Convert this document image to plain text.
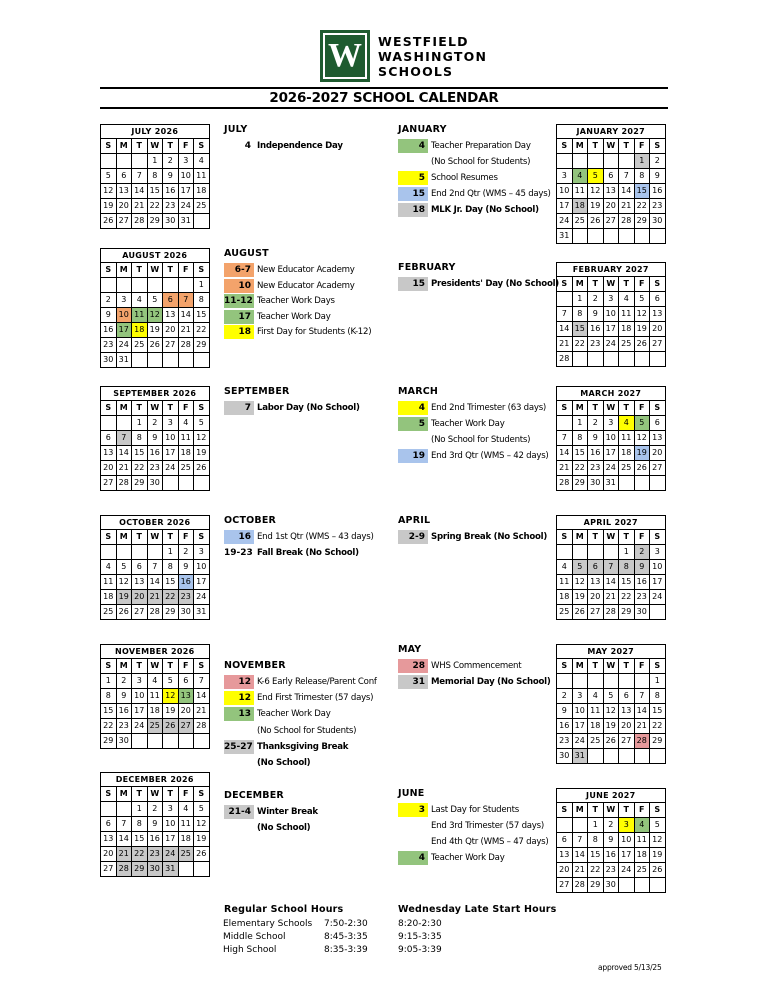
W	WESTFIELD
WASHINGTON
SCHOOLS
2026-2027 SCHOOL CALENDAR
JULY 2026						
S	M	T	W	T	F	S
			1	2	3	4
5	6	7	8	9	10	11
12	13	14	15	16	17	18
19	20	21	22	23	24	25
26	27	28	29	30	31	
AUGUST 2026						
S	M	T	W	T	F	S
						1
2	3	4	5	6	7	8
9	10	11	12	13	14	15
16	17	18	19	20	21	22
23	24	25	26	27	28	29
30	31					
SEPTEMBER 2026						
S	M	T	W	T	F	S
		1	2	3	4	5
6	7	8	9	10	11	12
13	14	15	16	17	18	19
20	21	22	23	24	25	26
27	28	29	30			
OCTOBER 2026						
S	M	T	W	T	F	S
				1	2	3
4	5	6	7	8	9	10
11	12	13	14	15	16	17
18	19	20	21	22	23	24
25	26	27	28	29	30	31
NOVEMBER 2026						
S	M	T	W	T	F	S
1	2	3	4	5	6	7
8	9	10	11	12	13	14
15	16	17	18	19	20	21
22	23	24	25	26	27	28
29	30					
DECEMBER 2026						
S	M	T	W	T	F	S
		1	2	3	4	5
6	7	8	9	10	11	12
13	14	15	16	17	18	19
20	21	22	23	24	25	26
27	28	29	30	31		
JANUARY 2027						
S	M	T	W	T	F	S
					1	2
3	4	5	6	7	8	9
10	11	12	13	14	15	16
17	18	19	20	21	22	23
24	25	26	27	28	29	30
31						
FEBRUARY 2027						
S	M	T	W	T	F	S
	1	2	3	4	5	6
7	8	9	10	11	12	13
14	15	16	17	18	19	20
21	22	23	24	25	26	27
28						
MARCH 2027						
S	M	T	W	T	F	S
	1	2	3	4	5	6
7	8	9	10	11	12	13
14	15	16	17	18	19	20
21	22	23	24	25	26	27
28	29	30	31			
APRIL 2027						
S	M	T	W	T	F	S
				1	2	3
4	5	6	7	8	9	10
11	12	13	14	15	16	17
18	19	20	21	22	23	24
25	26	27	28	29	30	
MAY 2027						
S	M	T	W	T	F	S
						1
2	3	4	5	6	7	8
9	10	11	12	13	14	15
16	17	18	19	20	21	22
23	24	25	26	27	28	29
30	31					
JUNE 2027						
S	M	T	W	T	F	S
		1	2	3	4	5
6	7	8	9	10	11	12
13	14	15	16	17	18	19
20	21	22	23	24	25	26
27	28	29	30			
JULY
4 Independence Day
AUGUST
6-7 New Educator Academy
10 New Educator Academy
11-12 Teacher Work Days
17 Teacher Work Day
18 First Day for Students (K-12)
SEPTEMBER
7 Labor Day (No School)
OCTOBER
16 End 1st Qtr (WMS – 43 days)
19-23 Fall Break (No School)
NOVEMBER
12 K-6 Early Release/Parent Conf
12 End First Trimester (57 days)
13 Teacher Work Day
(No School for Students)
25-27 Thanksgiving Break
(No School)
DECEMBER
21-4 Winter Break
(No School)
JANUARY
4 Teacher Preparation Day
(No School for Students)
5 School Resumes
15 End 2nd Qtr (WMS – 45 days)
18 MLK Jr. Day (No School)
FEBRUARY
15 Presidents' Day (No School)
MARCH
4 End 2nd Trimester (63 days)
5 Teacher Work Day
(No School for Students)
19 End 3rd Qtr (WMS – 42 days)
APRIL
2-9 Spring Break (No School)
MAY
28 WHS Commencement
31 Memorial Day (No School)
JUNE
3 Last Day for Students
End 3rd Trimester (57 days)
End 4th Qtr (WMS – 47 days)
4 Teacher Work Day
Regular School Hours	Wednesday Late Start Hours
Elementary Schools	7:50-2:30	8:20-2:30
Middle School	8:45-3:35	9:15-3:35
High School	8:35-3:39	9:05-3:39
approved 5/13/25
